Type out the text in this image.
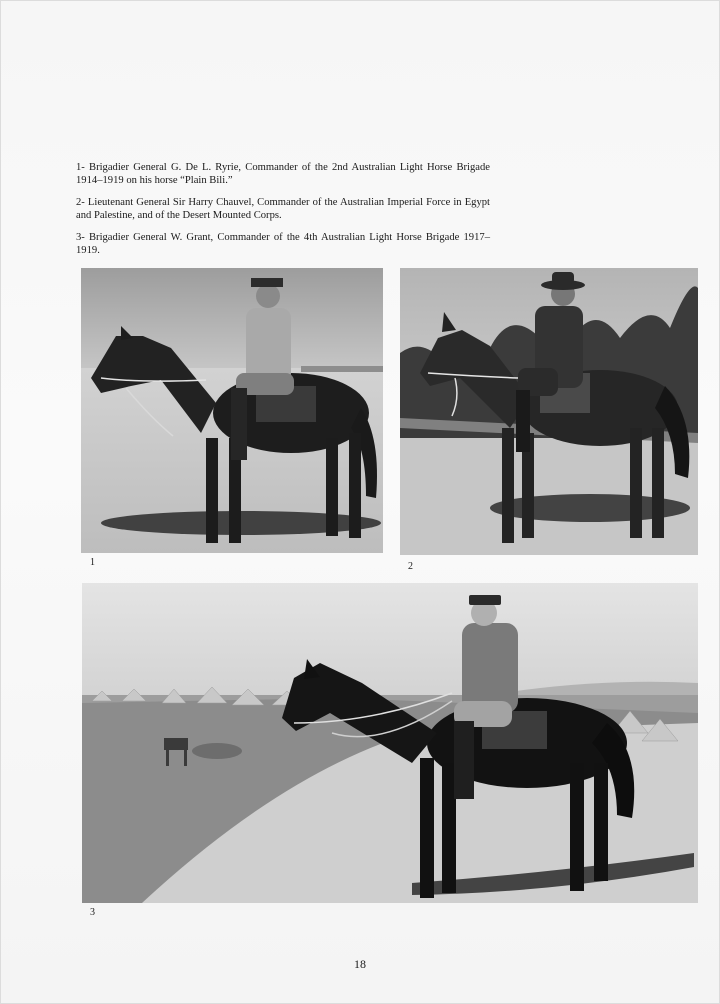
1- Brigadier General G. De L. Ryrie, Commander of the 2nd Australian Light Horse Brigade 1914–1919 on his horse “Plain Bili.”

2- Lieutenant General Sir Harry Chauvel, Commander of the Australian Imperial Force in Egypt and Palestine, and of the Desert Mounted Corps.

3- Brigadier General W. Grant, Commander of the 4th Australian Light Horse Brigade 1917–1919.

1	2
3
18
